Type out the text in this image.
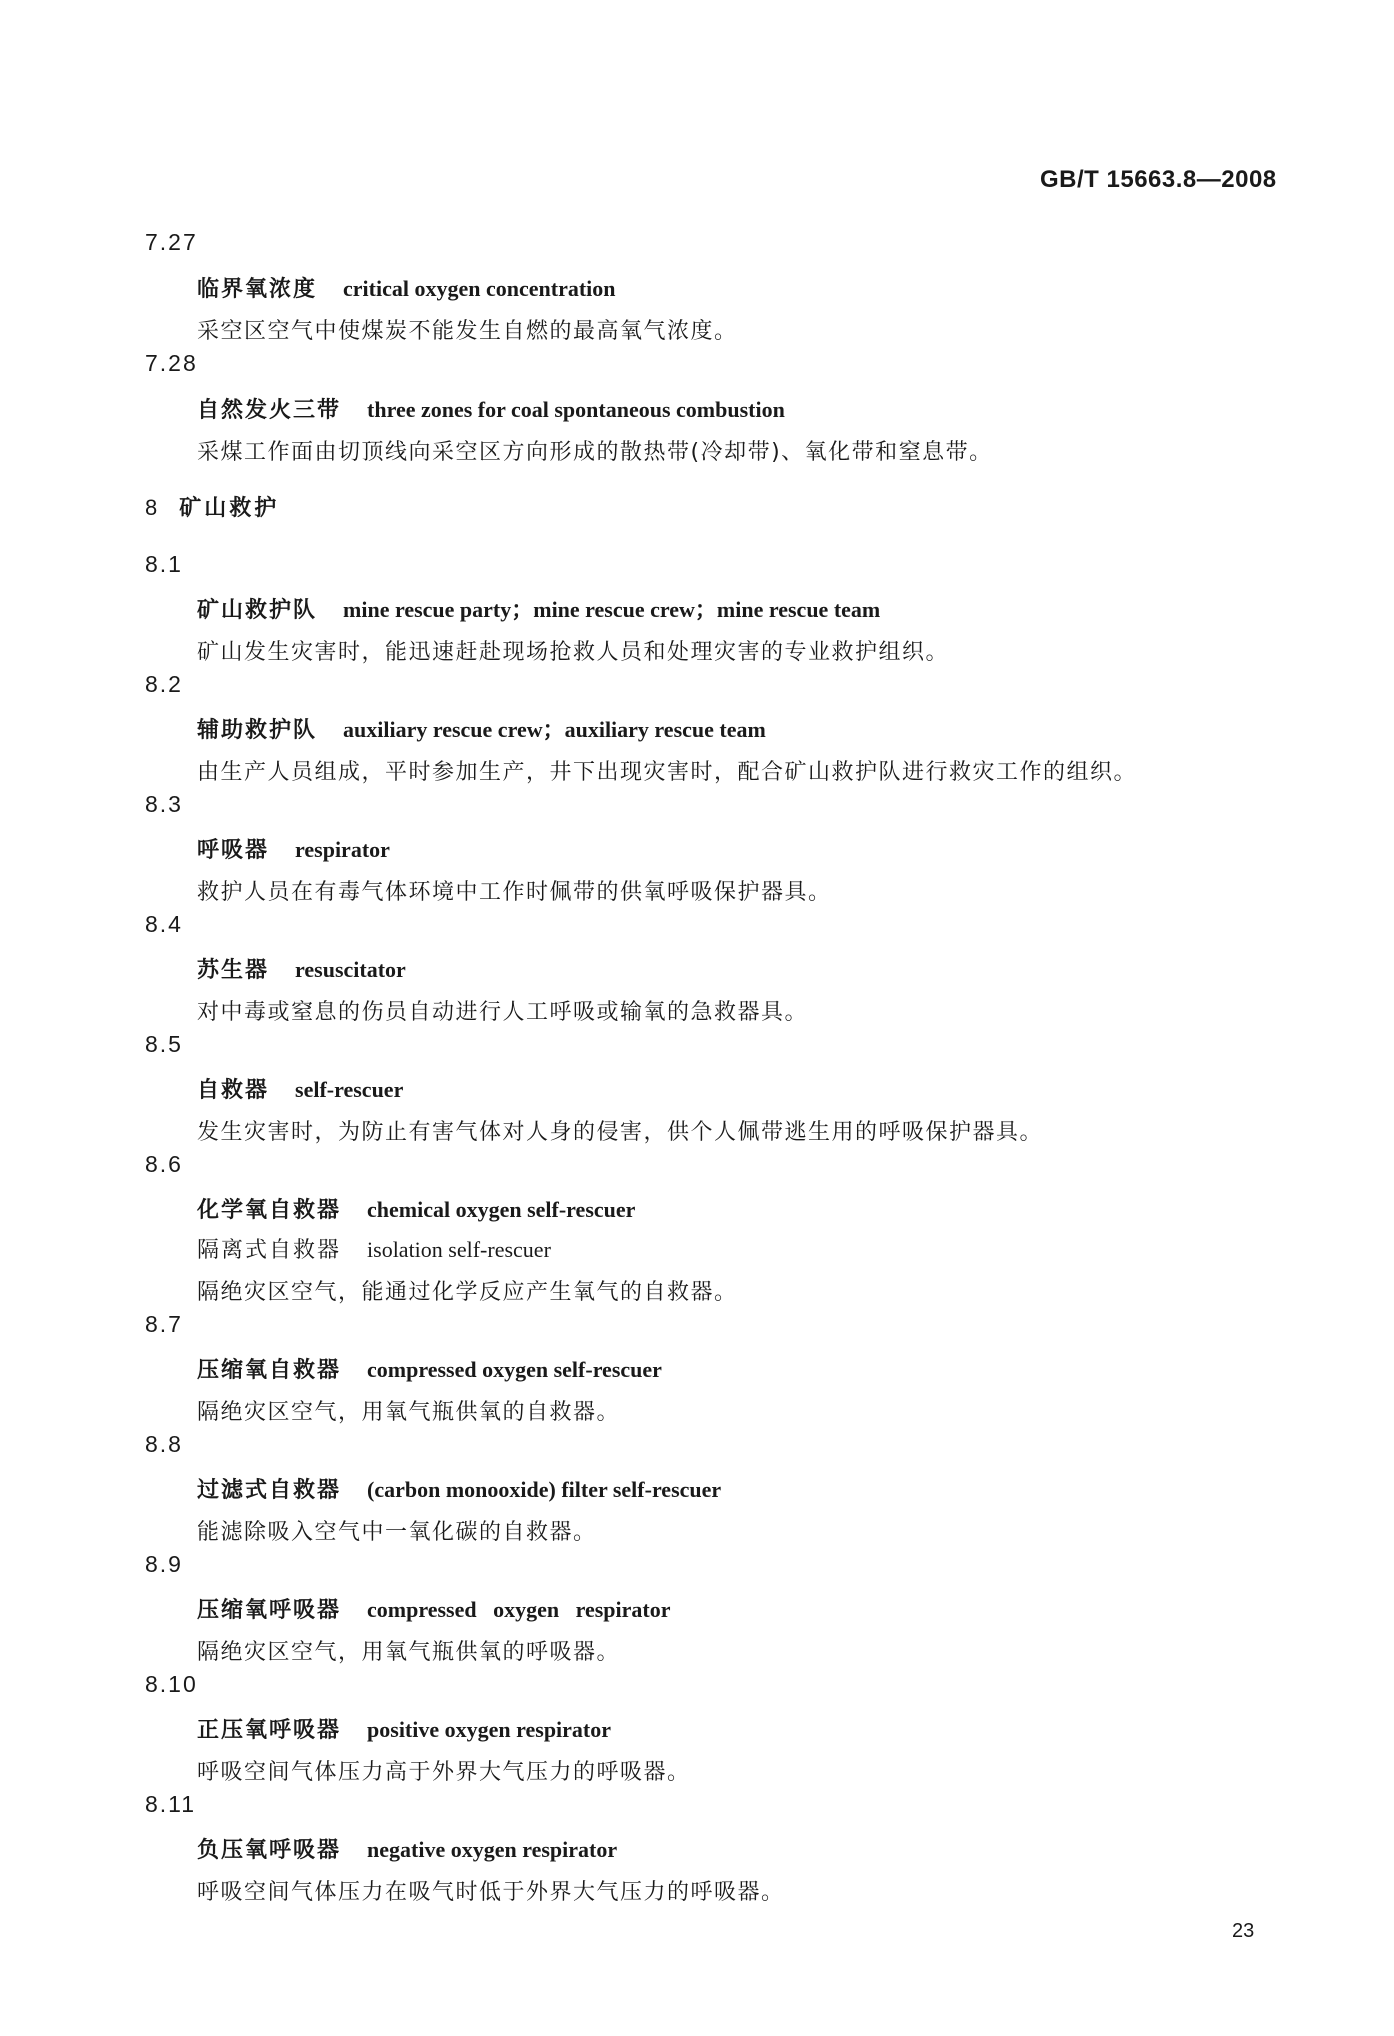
GB/T 15663.8—2008
7.27
临界氧浓度 critical oxygen concentration
采空区空气中使煤炭不能发生自燃的最高氧气浓度。
7.28
自然发火三带 three zones for coal spontaneous combustion
采煤工作面由切顶线向采空区方向形成的散热带(冷却带)、氧化带和窒息带。
8 矿山救护
8.1
矿山救护队 mine rescue party；mine rescue crew；mine rescue team
矿山发生灾害时，能迅速赶赴现场抢救人员和处理灾害的专业救护组织。
8.2
辅助救护队 auxiliary rescue crew；auxiliary rescue team
由生产人员组成，平时参加生产，井下出现灾害时，配合矿山救护队进行救灾工作的组织。
8.3
呼吸器 respirator
救护人员在有毒气体环境中工作时佩带的供氧呼吸保护器具。
8.4
苏生器 resuscitator
对中毒或窒息的伤员自动进行人工呼吸或输氧的急救器具。
8.5
自救器 self-rescuer
发生灾害时，为防止有害气体对人身的侵害，供个人佩带逃生用的呼吸保护器具。
8.6
化学氧自救器 chemical oxygen self-rescuer
隔离式自救器 isolation self-rescuer
隔绝灾区空气，能通过化学反应产生氧气的自救器。
8.7
压缩氧自救器 compressed oxygen self-rescuer
隔绝灾区空气，用氧气瓶供氧的自救器。
8.8
过滤式自救器 (carbon monooxide) filter self-rescuer
能滤除吸入空气中一氧化碳的自救器。
8.9
压缩氧呼吸器 compressed   oxygen   respirator
隔绝灾区空气，用氧气瓶供氧的呼吸器。
8.10
正压氧呼吸器 positive oxygen respirator
呼吸空间气体压力高于外界大气压力的呼吸器。
8.11
负压氧呼吸器 negative oxygen respirator
呼吸空间气体压力在吸气时低于外界大气压力的呼吸器。
23
